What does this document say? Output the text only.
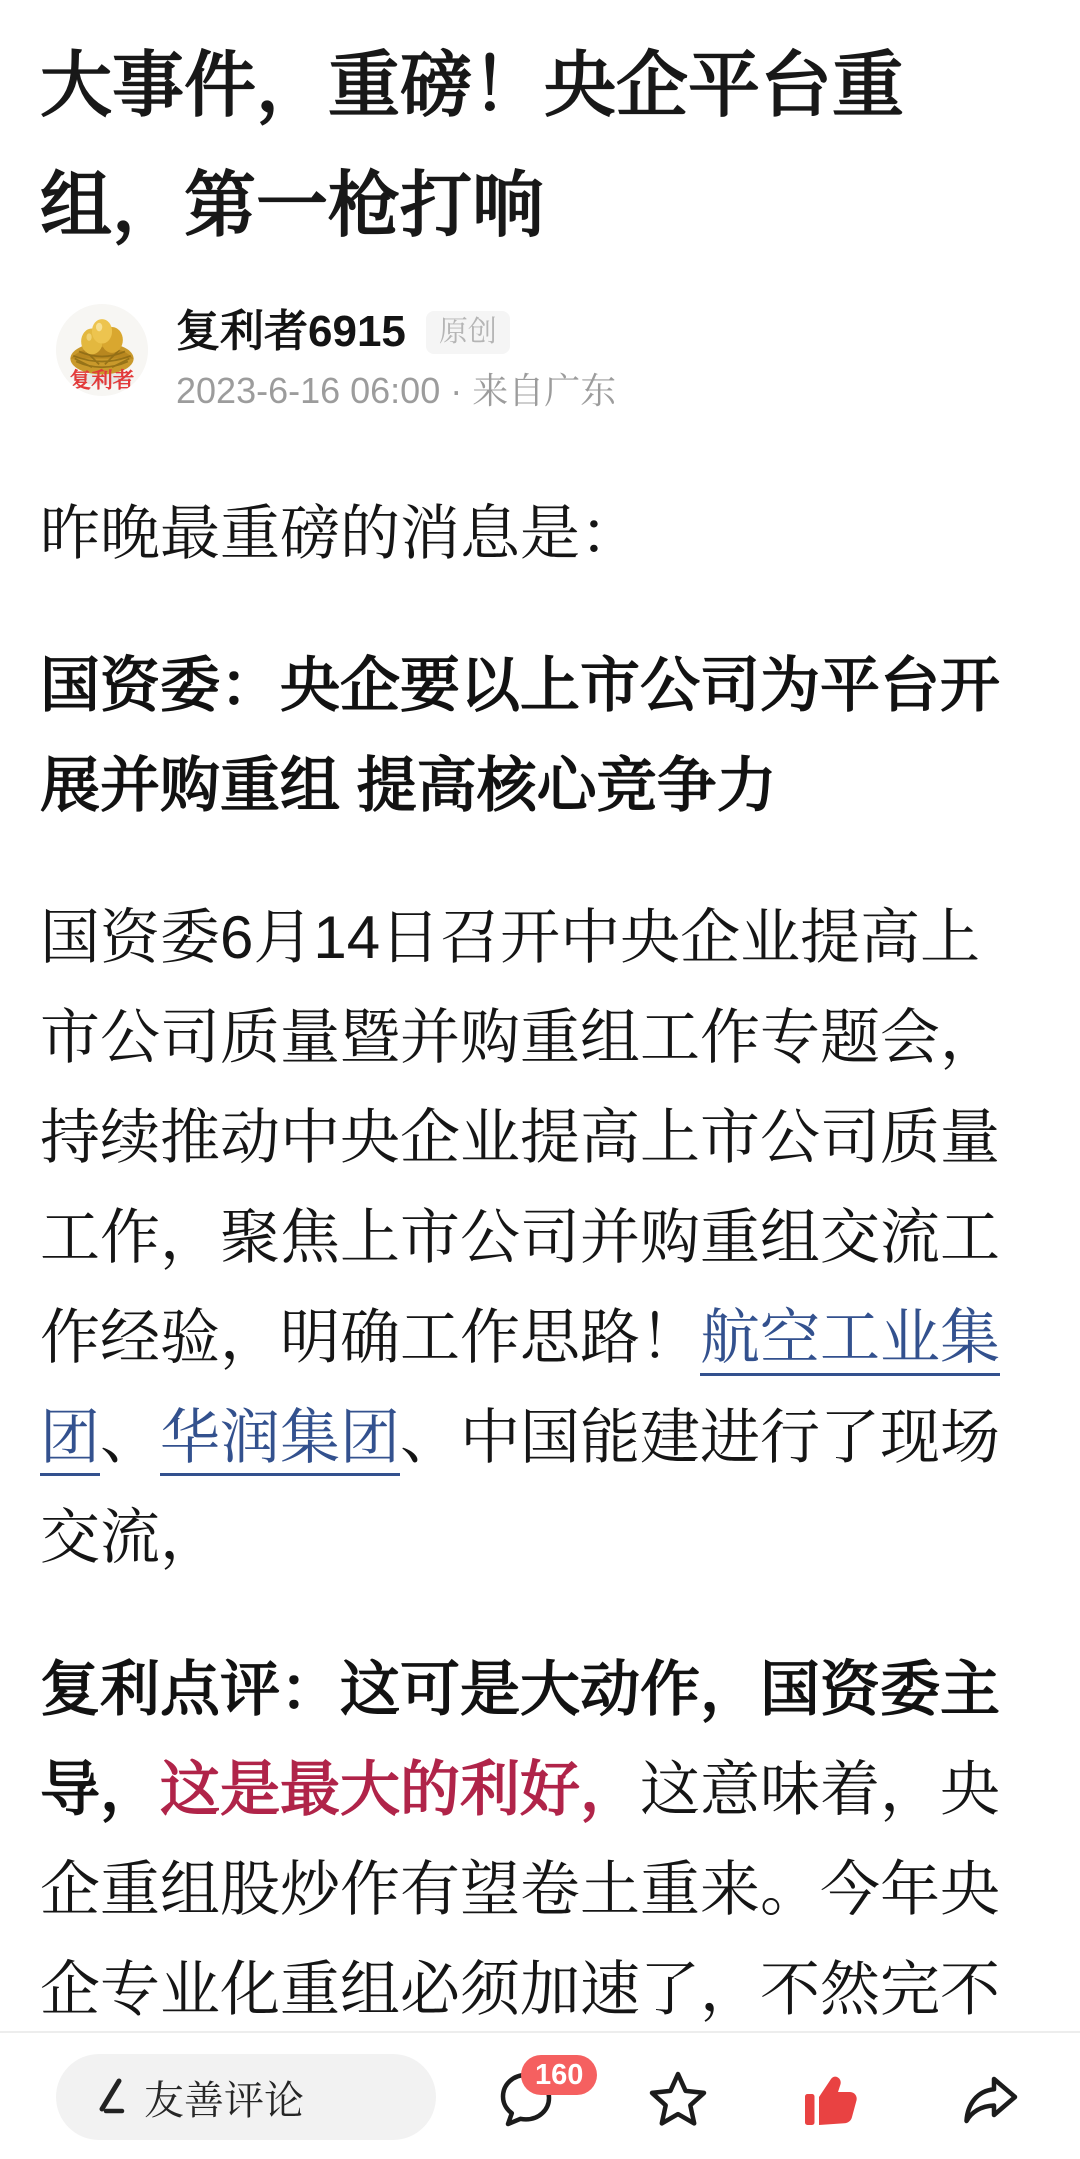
大事件，重磅！央企平台重
组，第一枪打响
复利者
复利者6915	原创
2023-6-16 06:00 · 来自广东
昨晚最重磅的消息是：
国资委：央企要以上市公司为平台开
展并购重组 提高核心竞争力
国资委6月14日召开中央企业提高上
市公司质量暨并购重组工作专题会，
持续推动中央企业提高上市公司质量
工作，聚焦上市公司并购重组交流工
作经验，明确工作思路！航空工业集
团、华润集团、中国能建进行了现场
交流，
复利点评：这可是大动作，国资委主
导，这是最大的利好，这意味着，央
企重组股炒作有望卷土重来。今年央
企专业化重组必须加速了，不然完不
友善评论
160
